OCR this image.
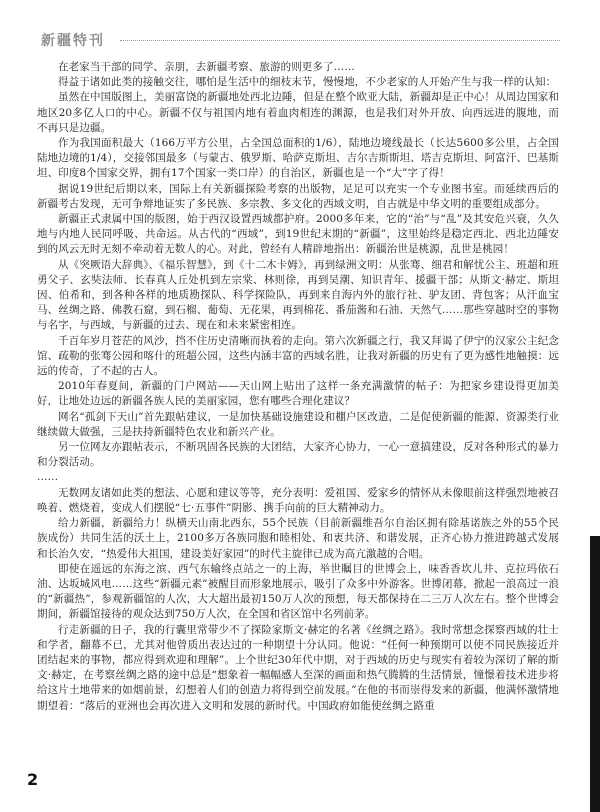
新疆特刊

在老家当干部的同学、亲朋，去新疆考察、旅游的则更多了……

得益于诸如此类的接触交往，哪怕是生活中的细枝末节，慢慢地，不少老家的人开始产生与我一样的认知：

虽然在中国版图上，美丽富饶的新疆地处西北边陲，但是在整个欧亚大陆，新疆却是正中心！从周边国家和地区20多亿人口的中心。新疆不仅与祖国内地有着血肉相连的渊源，也是我们对外开放、向西远进的腹地，而不再只是边疆。

作为我国面积最大（166万平方公里，占全国总面积的1/6），陆地边境线最长（长达5600多公里，占全国陆地边境的1/4），交接邻国最多（与蒙古、俄罗斯、哈萨克斯坦、吉尔吉斯斯坦、塔吉克斯坦、阿富汗、巴基斯坦、印度8个国家交界，拥有17个国家一类口岸）的自治区，新疆也是一个“大”字了得！

据说19世纪后期以来，国际上有关新疆探险考察的出版物，足足可以充实一个专业图书室。而延续西后的新疆考古发现，无可争辩地证实了多民族、多宗教、多文化的西域文明，自古就是中华文明的重要组成部分。

新疆正式隶属中国的版图，始于西汉设置西域都护府。2000多年来，它的“治”与“乱”及其安危兴衰，久久地与内地人民同呼吸、共命运。从古代的“西域”，到19世纪末期的“新疆”，这里始终是稳定西北、西北边陲安到的风云无时无刻不牵动着无数人的心。对此，曾经有人精辟地指出：新疆治世是桃源，乱世是桃园！

从《突厥语大辞典》、《福乐智慧》，到《十二木卡姆》，再到绿洲文明：从张骞、细君和解忧公主、班超和班勇父子、玄奘法师、长春真人丘处机到左宗棠、林则徐，再到吴潮、知识青年、援疆干部；从斯文·赫定、斯坦因、伯希和，到各种各样的地质勘探队、科学探险队，再到来自海内外的旅行社、驴友团、背包客；从汗血宝马、丝绸之路、佛教石窟，到石榴、葡萄、无花果，再到棉花、番茄酱和石油、天然气……那些穿越时空的事物与名字，与西域，与新疆的过去、现在和未来紧密相连。

千百年岁月苍茫的风沙，挡不住历史清晰而执着的走向。第六次新疆之行，我又拜谒了伊宁的汉家公主纪念馆、疏勒的张骞公园和喀什的班超公园，这些内涵丰富的西域名胜，让我对新疆的历史有了更为感性地触摸：远远的传奇，了不起的古人。

2010年春夏间，新疆的门户网站——天山网上贴出了这样一条充满激情的帖子：为把家乡建设得更加美好，让地处边远的新疆各族人民的美丽家园，您有哪些合理化建议？

网名“孤剑下天山”首先跟帖建议，一是加快基础设施建设和棚户区改造，二是促使新疆的能源、资源类行业继续做大做强，三是扶持新疆特色农业和新兴产业。

另一位网友亦跟帖表示，不断巩固各民族的大团结，大家齐心协力，一心一意搞建设，反对各种形式的暴力和分裂活动。

……

无数网友诸如此类的想法、心愿和建议等等，充分表明：爱祖国、爱家乡的情怀从未像眼前这样强烈地被召唤着、燃烧着，变成人们摆脱“七·五事件”阴影、携手向前的巨大精神动力。

给力新疆，新疆给力！纵横天山南北西东，55个民族（目前新疆维吾尔自治区拥有除基诺族之外的55个民族成份）共同生活的沃土上，2100多万各族同胞和睦相处、和衷共济、和谐发展，正齐心协力推进跨越式发展和长治久安，“热爱伟大祖国，建设美好家园”的时代主旋律已成为高亢激越的合唱。

即使在遥远的东海之滨、西气东输终点站之一的上海，举世瞩目的世博会上，味香香坎儿井、克拉玛依石油、达坂城风电……这些“新疆元素”被醒目而形象地展示，吸引了众多中外游客。世博闭幕，掀起一浪高过一浪的“新疆热”，参观新疆馆的人次，大大超出最初150万人次的预想，每天都保持在二三万人次左右。整个世博会期间，新疆馆接待的观众达到750万人次，在全国和省区馆中名列前茅。

行走新疆的日子，我的行囊里常带少不了探险家斯文·赫定的名著《丝绸之路》。我时常想念探察西域的壮士和学者，翻幕不已，尤其对他曾质出表达过的一种期望十分认同。他说：“任何一种预期可以使不同民族接近并团结起来的事物，都应得到欢迎和理解”。上个世纪30年代中期，对于西域的历史与现实有着较为深切了解的斯文·赫定，在考察丝绸之路的途中总是“想象着一幅幅感人至深的画面和热气腾腾的生活情景，憧憬着技术进步将给这片土地带来的如烟前景，幻想着人们的创造力将得到空前发展。”在他的书而崇得发来的新疆，他满怀激情地期望着：“落后的亚洲也会再次进入文明和发展的新时代。中国政府如能使丝绸之路重

2
